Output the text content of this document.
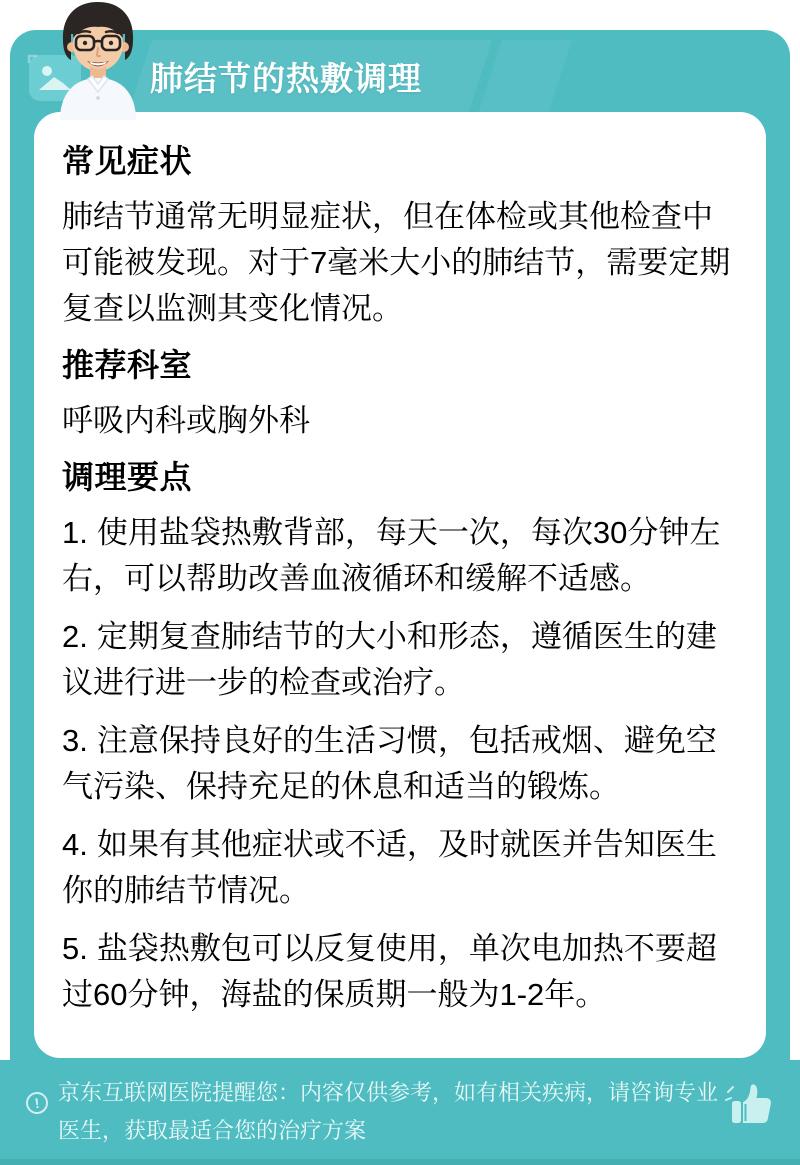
肺结节的热敷调理
常见症状

肺结节通常无明显症状，但在体检或其他检查中可能被发现。对于7毫米大小的肺结节，需要定期复查以监测其变化情况。

推荐科室

呼吸内科或胸外科

调理要点

1. 使用盐袋热敷背部，每天一次，每次30分钟左右，可以帮助改善血液循环和缓解不适感。

2. 定期复查肺结节的大小和形态，遵循医生的建议进行进一步的检查或治疗。

3. 注意保持良好的生活习惯，包括戒烟、避免空气污染、保持充足的休息和适当的锻炼。

4. 如果有其他症状或不适，及时就医并告知医生你的肺结节情况。

5. 盐袋热敷包可以反复使用，单次电加热不要超过60分钟，海盐的保质期一般为1-2年。

! 京东互联网医院提醒您：内容仅供参考，如有相关疾病，请咨询专业医生，获取最适合您的治疗方案
